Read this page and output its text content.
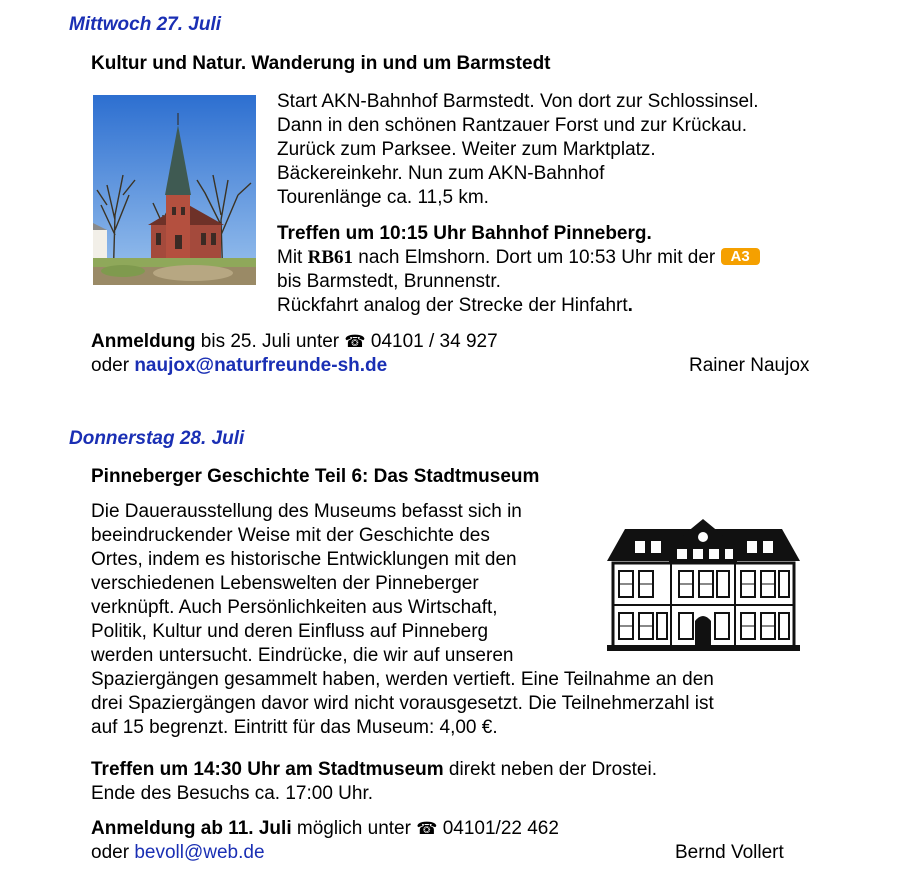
Mittwoch 27. Juli
Kultur und Natur. Wanderung in und um Barmstedt

Start AKN-Bahnhof Barmstedt. Von dort zur Schlossinsel.

Dann in den schönen Rantzauer Forst und zur Krückau.

Zurück zum Parksee. Weiter zum Marktplatz.

Bäckereinkehr. Nun zum AKN-Bahnhof

Tourenlänge ca. 11,5 km.

Treffen um 10:15 Uhr Bahnhof Pinneberg.

Mit RB61 nach Elmshorn. Dort um 10:53 Uhr mit der A3

bis Barmstedt, Brunnenstr.

Rückfahrt analog der Strecke der Hinfahrt.

Anmeldung bis 25. Juli unter ☎ 04101 / 34 927

oder naujox@naturfreunde-sh.de	Rainer Naujox
Donnerstag 28. Juli
Pinneberger Geschichte Teil 6: Das Stadtmuseum

Die Dauerausstellung des Museums befasst sich in

beeindruckender Weise mit der Geschichte des

Ortes, indem es historische Entwicklungen mit den

verschiedenen Lebenswelten der Pinneberger

verknüpft. Auch Persönlichkeiten aus Wirtschaft,

Politik, Kultur und deren Einfluss auf Pinneberg

werden untersucht. Eindrücke, die wir auf unseren

Spaziergängen gesammelt haben, werden vertieft. Eine Teilnahme an den

drei Spaziergängen davor wird nicht vorausgesetzt. Die Teilnehmerzahl ist

auf 15 begrenzt. Eintritt für das Museum: 4,00 €.

Treffen um 14:30 Uhr am Stadtmuseum direkt neben der Drostei.

Ende des Besuchs ca. 17:00 Uhr.

Anmeldung ab 11. Juli möglich unter ☎ 04101/22 462

oder bevoll@web.de	Bernd Vollert
